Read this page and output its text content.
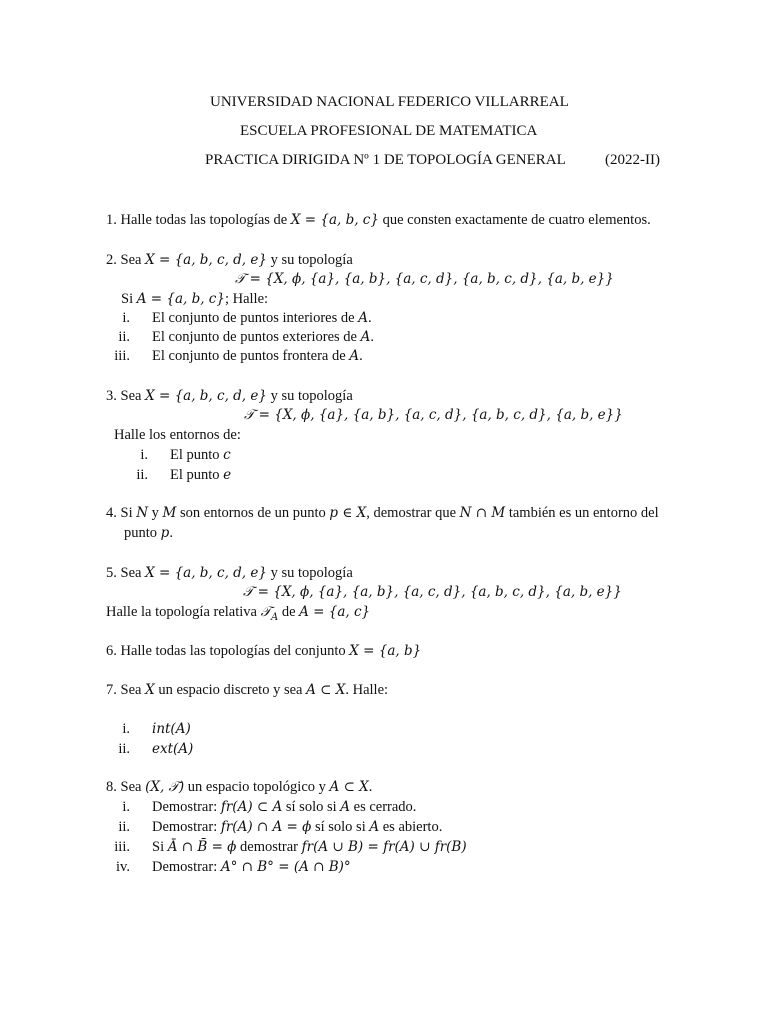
UNIVERSIDAD NACIONAL FEDERICO VILLARREAL
ESCUELA PROFESIONAL DE MATEMATICA
PRACTICA DIRIGIDA Nº 1 DE TOPOLOGÍA GENERAL	(2022-II)
1. Halle todas las topologías de X = {a, b, c} que consten exactamente de cuatro elementos.
2. Sea X = {a, b, c, d, e} y su topología
𝒯 = {X, ϕ, {a}, {a, b}, {a, c, d}, {a, b, c, d}, {a, b, e}}
Si A = {a, b, c}; Halle:
i. El conjunto de puntos interiores de A.
ii. El conjunto de puntos exteriores de A.
iii. El conjunto de puntos frontera de A.
3. Sea X = {a, b, c, d, e} y su topología
𝒯 = {X, ϕ, {a}, {a, b}, {a, c, d}, {a, b, c, d}, {a, b, e}}
Halle los entornos de:
i. El punto c
ii. El punto e
4. Si N y M son entornos de un punto p ∈ X, demostrar que N ∩ M también es un entorno del
punto p.
5. Sea X = {a, b, c, d, e} y su topología
𝒯 = {X, ϕ, {a}, {a, b}, {a, c, d}, {a, b, c, d}, {a, b, e}}
Halle la topología relativa 𝒯$_A$ de A = {a, c}
6. Halle todas las topologías del conjunto X = {a, b}
7. Sea X un espacio discreto y sea A ⊂ X. Halle:
i. int(A)
ii. ext(A)
8. Sea (X, 𝒯) un espacio topológico y A ⊂ X.
i. Demostrar: fr(A) ⊂ A sí solo si A es cerrado.
ii. Demostrar: fr(A) ∩ A = ϕ sí solo si A es abierto.
iii. Si Ā ∩ B̄ = ϕ demostrar fr(A ∪ B) = fr(A) ∪ fr(B)
iv. Demostrar: A° ∩ B° = (A ∩ B)°
